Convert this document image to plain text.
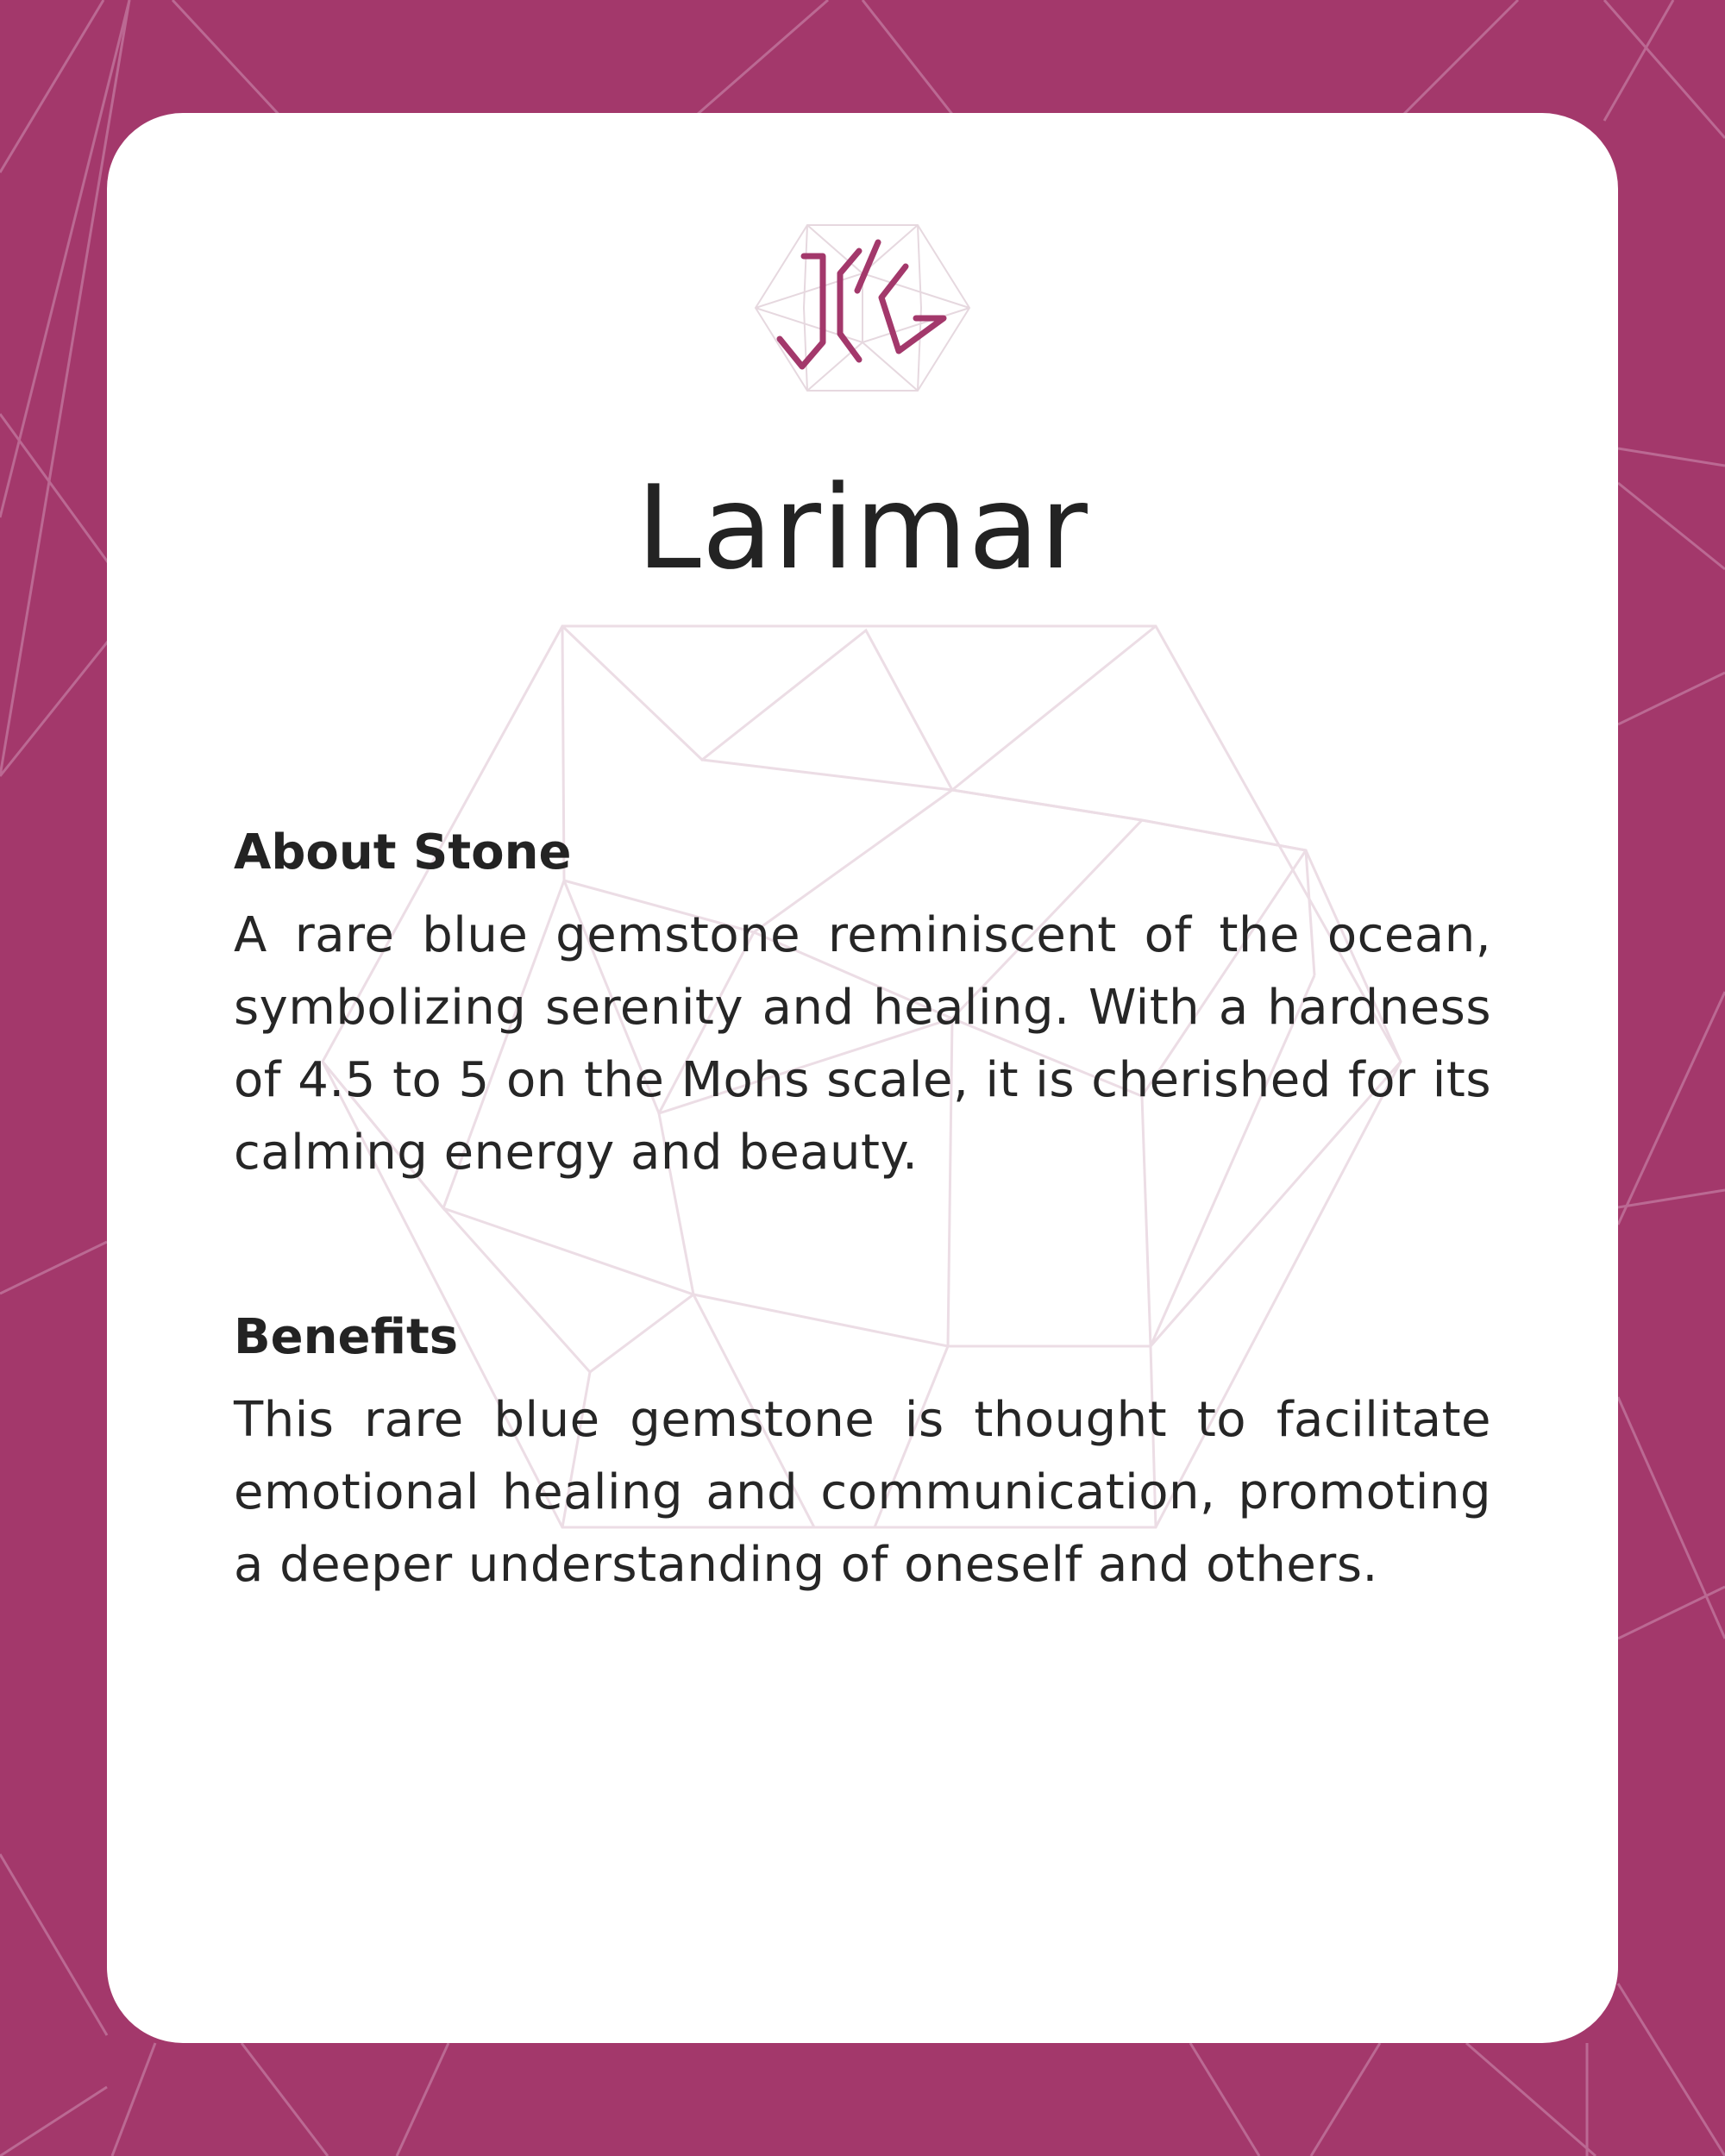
Larimar
About Stone

A rare blue gemstone reminiscent of the ocean, symbolizing serenity and healing. With a hardness of 4.5 to 5 on the Mohs scale, it is cherished for its calming energy and beauty.

Benefits

This rare blue gemstone is thought to facilitate emotional healing and communication, promoting a deeper understanding of oneself and others.
